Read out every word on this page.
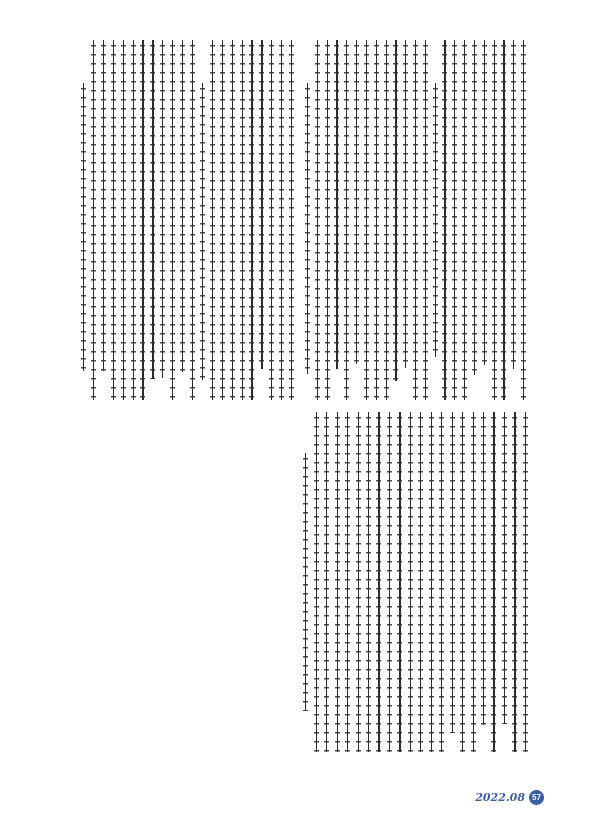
2022.08 57
